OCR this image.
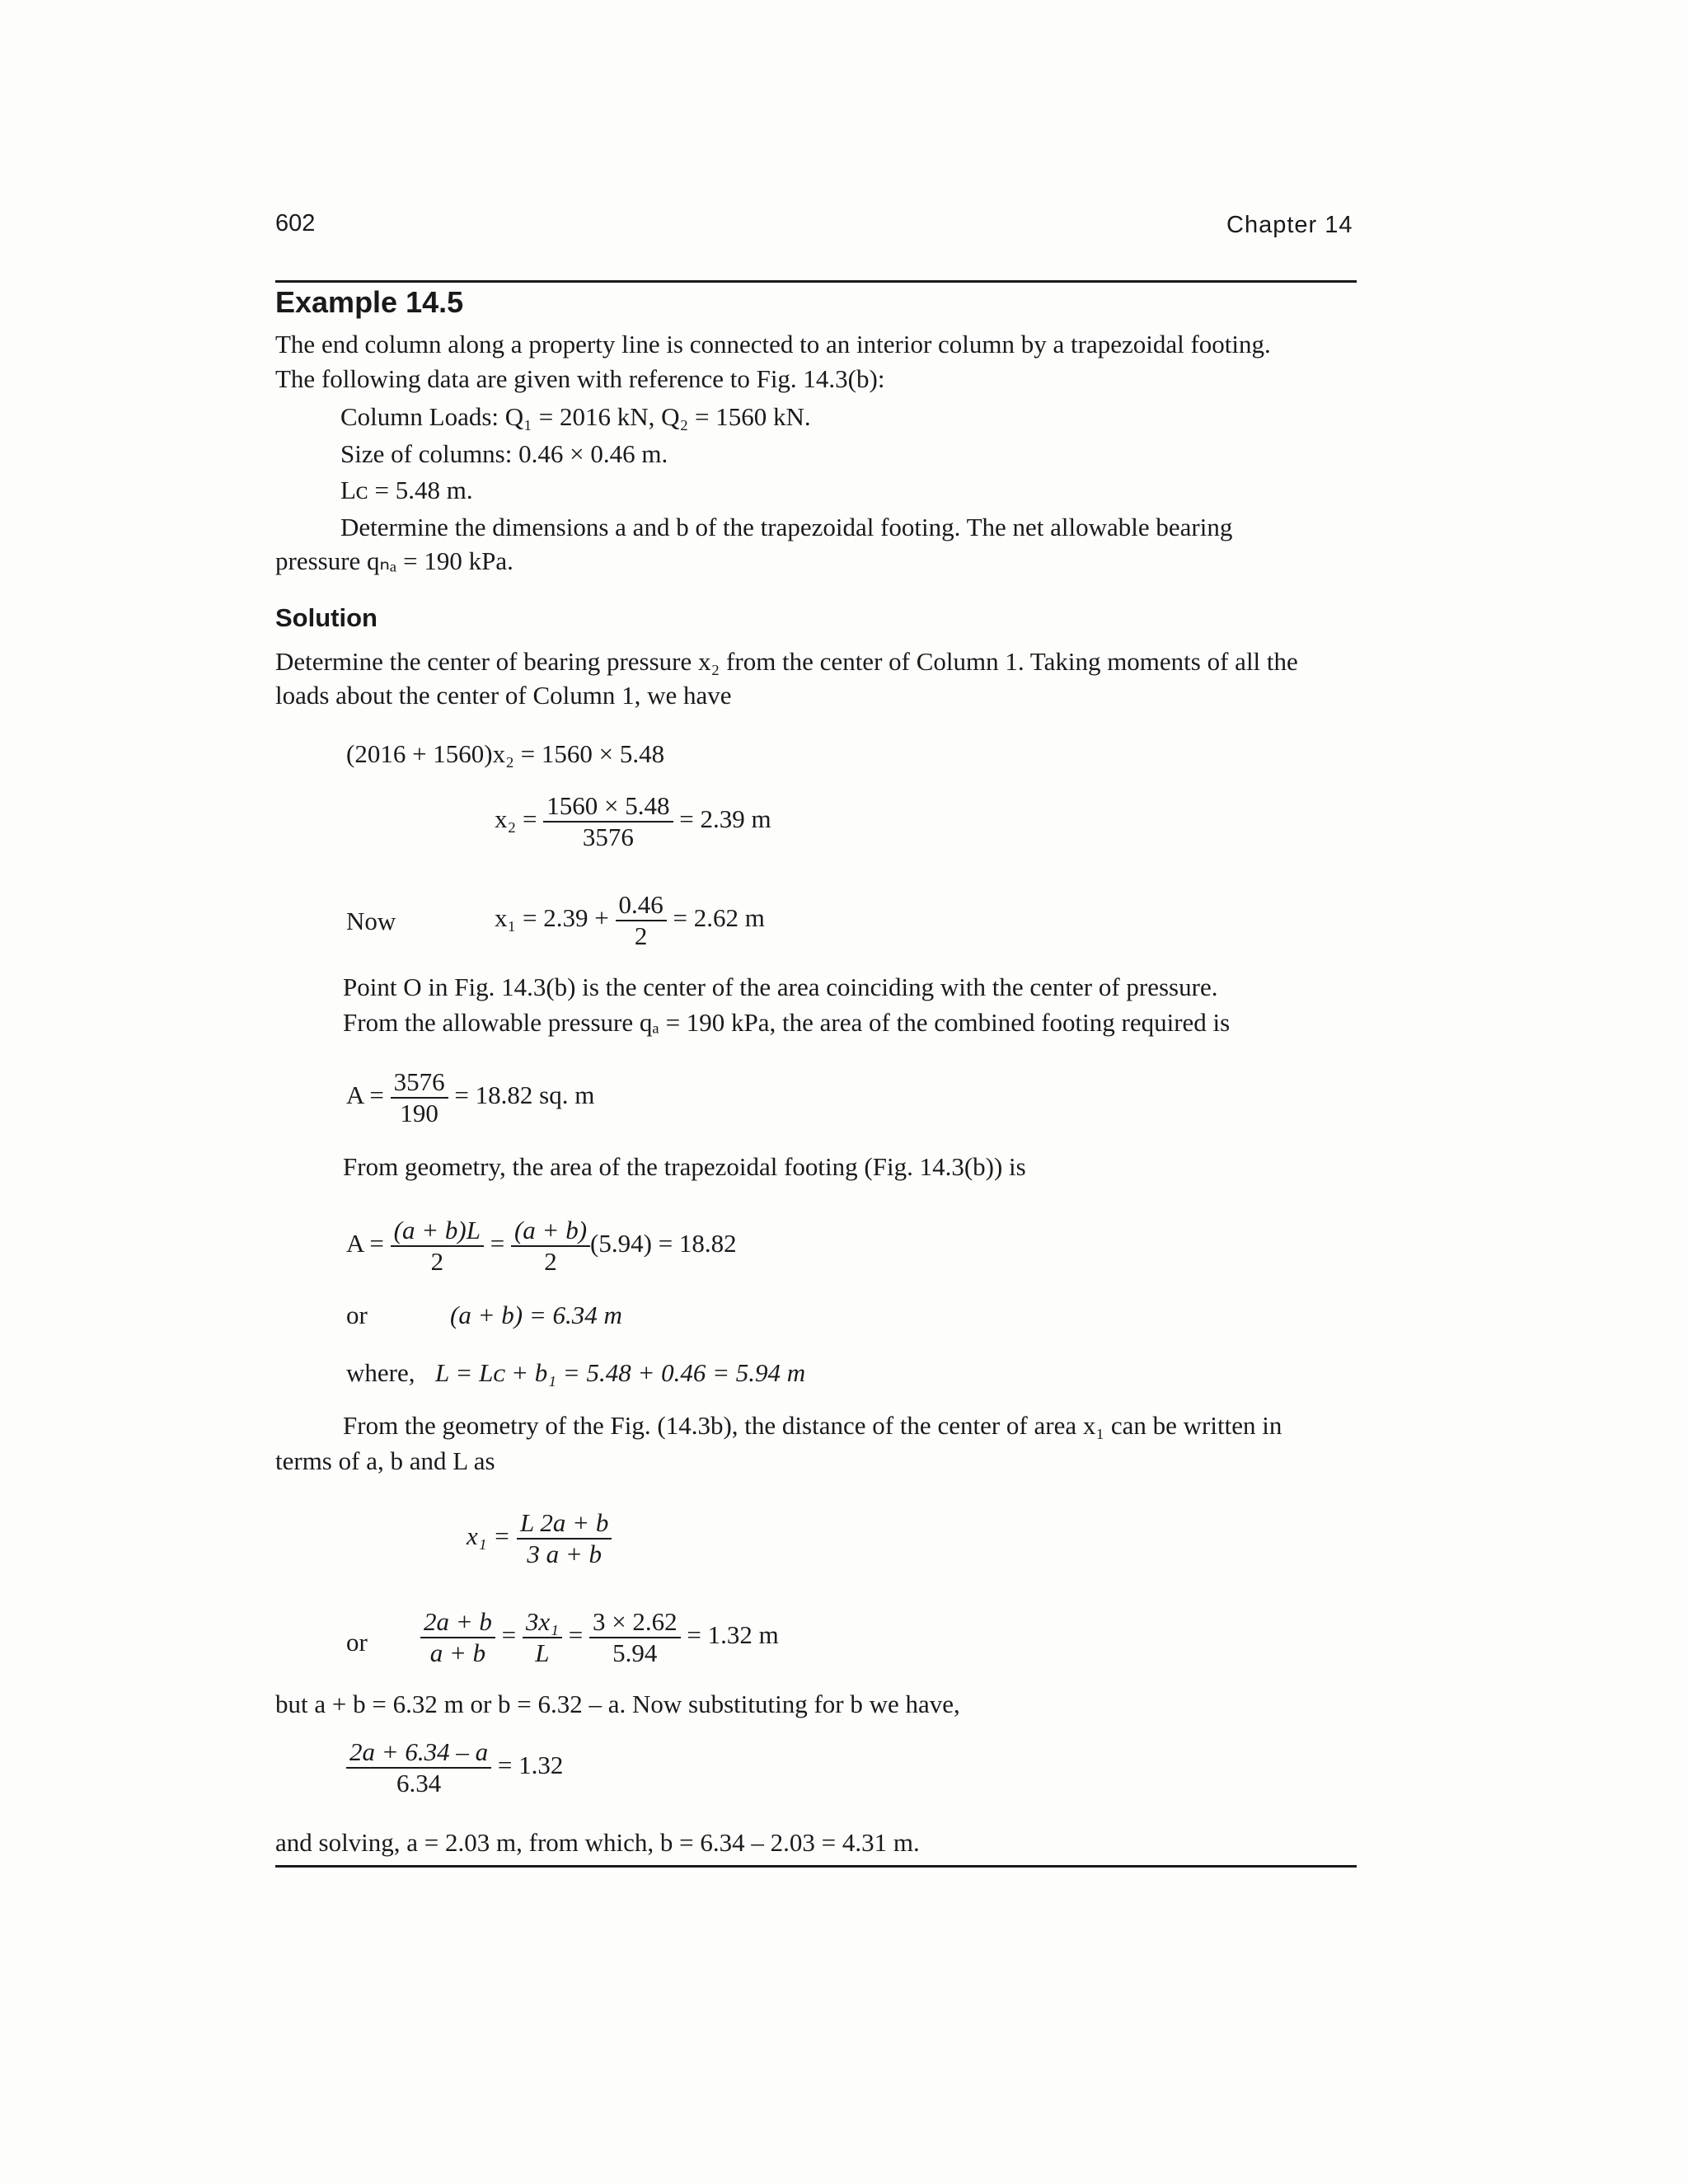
602	Chapter 14
Example 14.5
The end column along a property line is connected to an interior column by a trapezoidal footing.
The following data are given with reference to Fig. 14.3(b):
Column Loads: Q₁ = 2016 kN, Q₂ = 1560 kN.
Size of columns: 0.46 × 0.46 m.
Lᴄ = 5.48 m.
Determine the dimensions a and b of the trapezoidal footing. The net allowable bearing
pressure qₙₐ = 190 kPa.
Solution
Determine the center of bearing pressure x₂ from the center of Column 1. Taking moments of all the
loads about the center of Column 1, we have
(2016 + 1560)x₂ = 1560 × 5.48
$x_2 = \frac{1560 \times 5.48}{3576} = 2.39$ m
Now	$x_1 = 2.39 + \frac{0.46}{2} = 2.62$ m
Point O in Fig. 14.3(b) is the center of the area coinciding with the center of pressure.
From the allowable pressure qₐ = 190 kPa, the area of the combined footing required is
$A = \frac{3576}{190} = 18.82$ sq. m
From geometry, the area of the trapezoidal footing (Fig. 14.3(b)) is
$A = \frac{(a + b)L}{2} = \frac{(a + b)}{2} (5.94) = 18.82$
or	(a + b) = 6.34 m
where, L = Lᴄ + b₁ = 5.48 + 0.46 = 5.94 m
From the geometry of the Fig. (14.3b), the distance of the center of area x₁ can be written in
terms of a, b and L as
$x_1 = \frac{L 2a + b}{3 a + b}$
or $\frac{2a + b}{a + b} = \frac{\text{3x₁}}{L} = \frac{3 \times 2.62}{5.94} = 1.32$ m
but a + b = 6.32 m or b = 6.32 – a. Now substituting for b we have,
$\frac{2a + 6.34 - a}{6.34} = 1.32$
and solving, a = 2.03 m, from which, b = 6.34 – 2.03 = 4.31 m.
